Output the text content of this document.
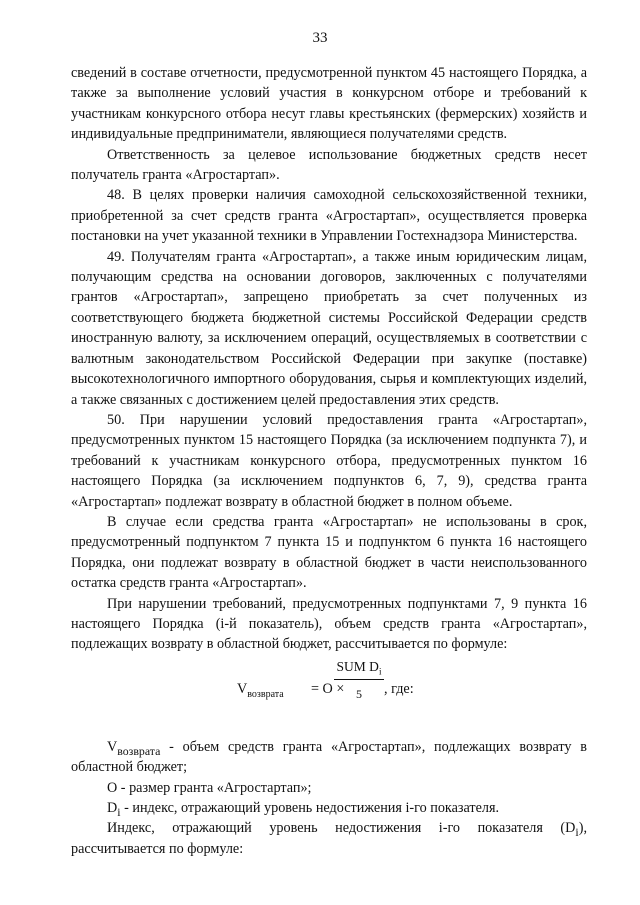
33

сведений в составе отчетности, предусмотренной пунктом 45 настоящего Порядка, а также за выполнение условий участия в конкурсном отборе и требований к участникам конкурсного отбора несут главы крестьянских (фермерских) хозяйств и индивидуальные предприниматели, являющиеся получателями средств.

Ответственность за целевое использование бюджетных средств несет получатель гранта «Агростартап».

48. В целях проверки наличия самоходной сельскохозяйственной техники, приобретенной за счет средств гранта «Агростартап», осуществляется проверка постановки на учет указанной техники в Управлении Гостехнадзора Министерства.

49. Получателям гранта «Агростартап», а также иным юридическим лицам, получающим средства на основании договоров, заключенных с получателями грантов «Агростартап», запрещено приобретать за счет полученных из соответствующего бюджета бюджетной системы Российской Федерации средств иностранную валюту, за исключением операций, осуществляемых в соответствии с валютным законодательством Российской Федерации при закупке (поставке) высокотехнологичного импортного оборудования, сырья и комплектующих изделий, а также связанных с достижением целей предоставления этих средств.

50. При нарушении условий предоставления гранта «Агростартап», предусмотренных пунктом 15 настоящего Порядка (за исключением подпункта 7), и требований к участникам конкурсного отбора, предусмотренных пунктом 16 настоящего Порядка (за исключением подпунктов 6, 7, 9), средства гранта «Агростартап» подлежат возврату в областной бюджет в полном объеме.

В случае если средства гранта «Агростартап» не использованы в срок, предусмотренный подпунктом 7 пункта 15 и подпунктом 6 пункта 16 настоящего Порядка, они подлежат возврату в областной бюджет в части неиспользованного остатка средств гранта «Агростартап».

При нарушении требований, предусмотренных подпунктами 7, 9 пункта 16 настоящего Порядка (i-й показатель), объем средств гранта «Агростартап», подлежащих возврату в областной бюджет, рассчитывается по формуле:

$V_{возврата} = O$ ×
SUM $D_i$
5	, где:

$V_{возврата}$ - объем средств гранта «Агростартап», подлежащих возврату в областной бюджет;

O - размер гранта «Агростартап»;

$D_i$ - индекс, отражающий уровень недостижения i-го показателя.

Индекс, отражающий уровень недостижения i-го показателя $(D_i)$, рассчитывается по формуле:
